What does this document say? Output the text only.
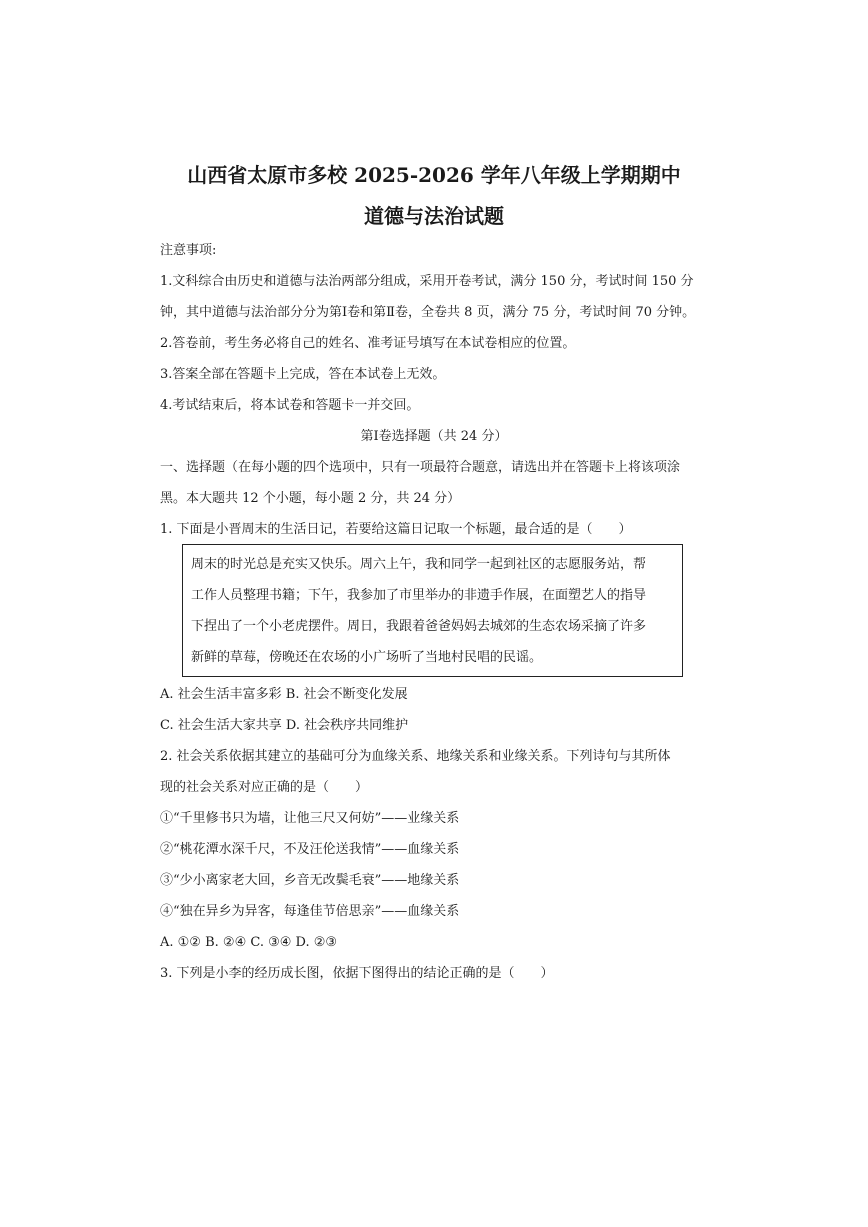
山西省太原市多校 2025-2026 学年八年级上学期期中
道德与法治试题
注意事项:
1.文科综合由历史和道德与法治两部分组成，采用开卷考试，满分 150 分，考试时间 150 分
钟，其中道德与法治部分分为第Ⅰ卷和第Ⅱ卷，全卷共 8 页，满分 75 分，考试时间 70 分钟。
2.答卷前，考生务必将自己的姓名、准考证号填写在本试卷相应的位置。
3.答案全部在答题卡上完成，答在本试卷上无效。
4.考试结束后，将本试卷和答题卡一并交回。
第Ⅰ卷选择题（共 24 分）
一、选择题（在每小题的四个选项中，只有一项最符合题意，请选出并在答题卡上将该项涂
黑。本大题共 12 个小题，每小题 2 分，共 24 分）
1. 下面是小晋周末的生活日记，若要给这篇日记取一个标题，最合适的是（　　）
周末的时光总是充实又快乐。周六上午，我和同学一起到社区的志愿服务站，帮
工作人员整理书籍；下午，我参加了市里举办的非遗手作展，在面塑艺人的指导
下捏出了一个小老虎摆件。周日，我跟着爸爸妈妈去城郊的生态农场采摘了许多
新鲜的草莓，傍晚还在农场的小广场听了当地村民唱的民谣。
A. 社会生活丰富多彩 B. 社会不断变化发展
C. 社会生活大家共享 D. 社会秩序共同维护
2. 社会关系依据其建立的基础可分为血缘关系、地缘关系和业缘关系。下列诗句与其所体
现的社会关系对应正确的是（　　）
①“千里修书只为墙，让他三尺又何妨”——业缘关系
②“桃花潭水深千尺，不及汪伦送我情”——血缘关系
③“少小离家老大回，乡音无改鬓毛衰”——地缘关系
④“独在异乡为异客，每逢佳节倍思亲”——血缘关系
A. ①② B. ②④ C. ③④ D. ②③
3. 下列是小李的经历成长图，依据下图得出的结论正确的是（　　）
